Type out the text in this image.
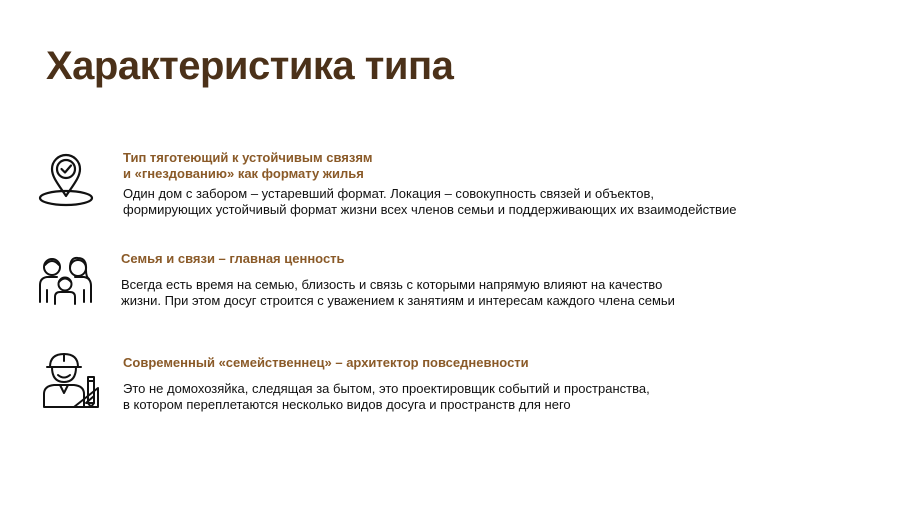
Характеристика типа

Тип тяготеющий к устойчивым связям
и «гнездованию» как формату жилья

Один дом с забором – устаревший формат. Локация – совокупность связей и объектов,
формирующих устойчивый формат жизни всех членов семьи и поддерживающих их взаимодействие

Семья и связи – главная ценность

Всегда есть время на семью, близость и связь с которыми напрямую влияют на качество
жизни. При этом досуг строится с уважением к занятиям и интересам каждого члена семьи

Современный «семейственнец» – архитектор повседневности

Это не домохозяйка, следящая за бытом, это проектировщик событий и пространства,
в котором переплетаются несколько видов досуга и пространств для него
